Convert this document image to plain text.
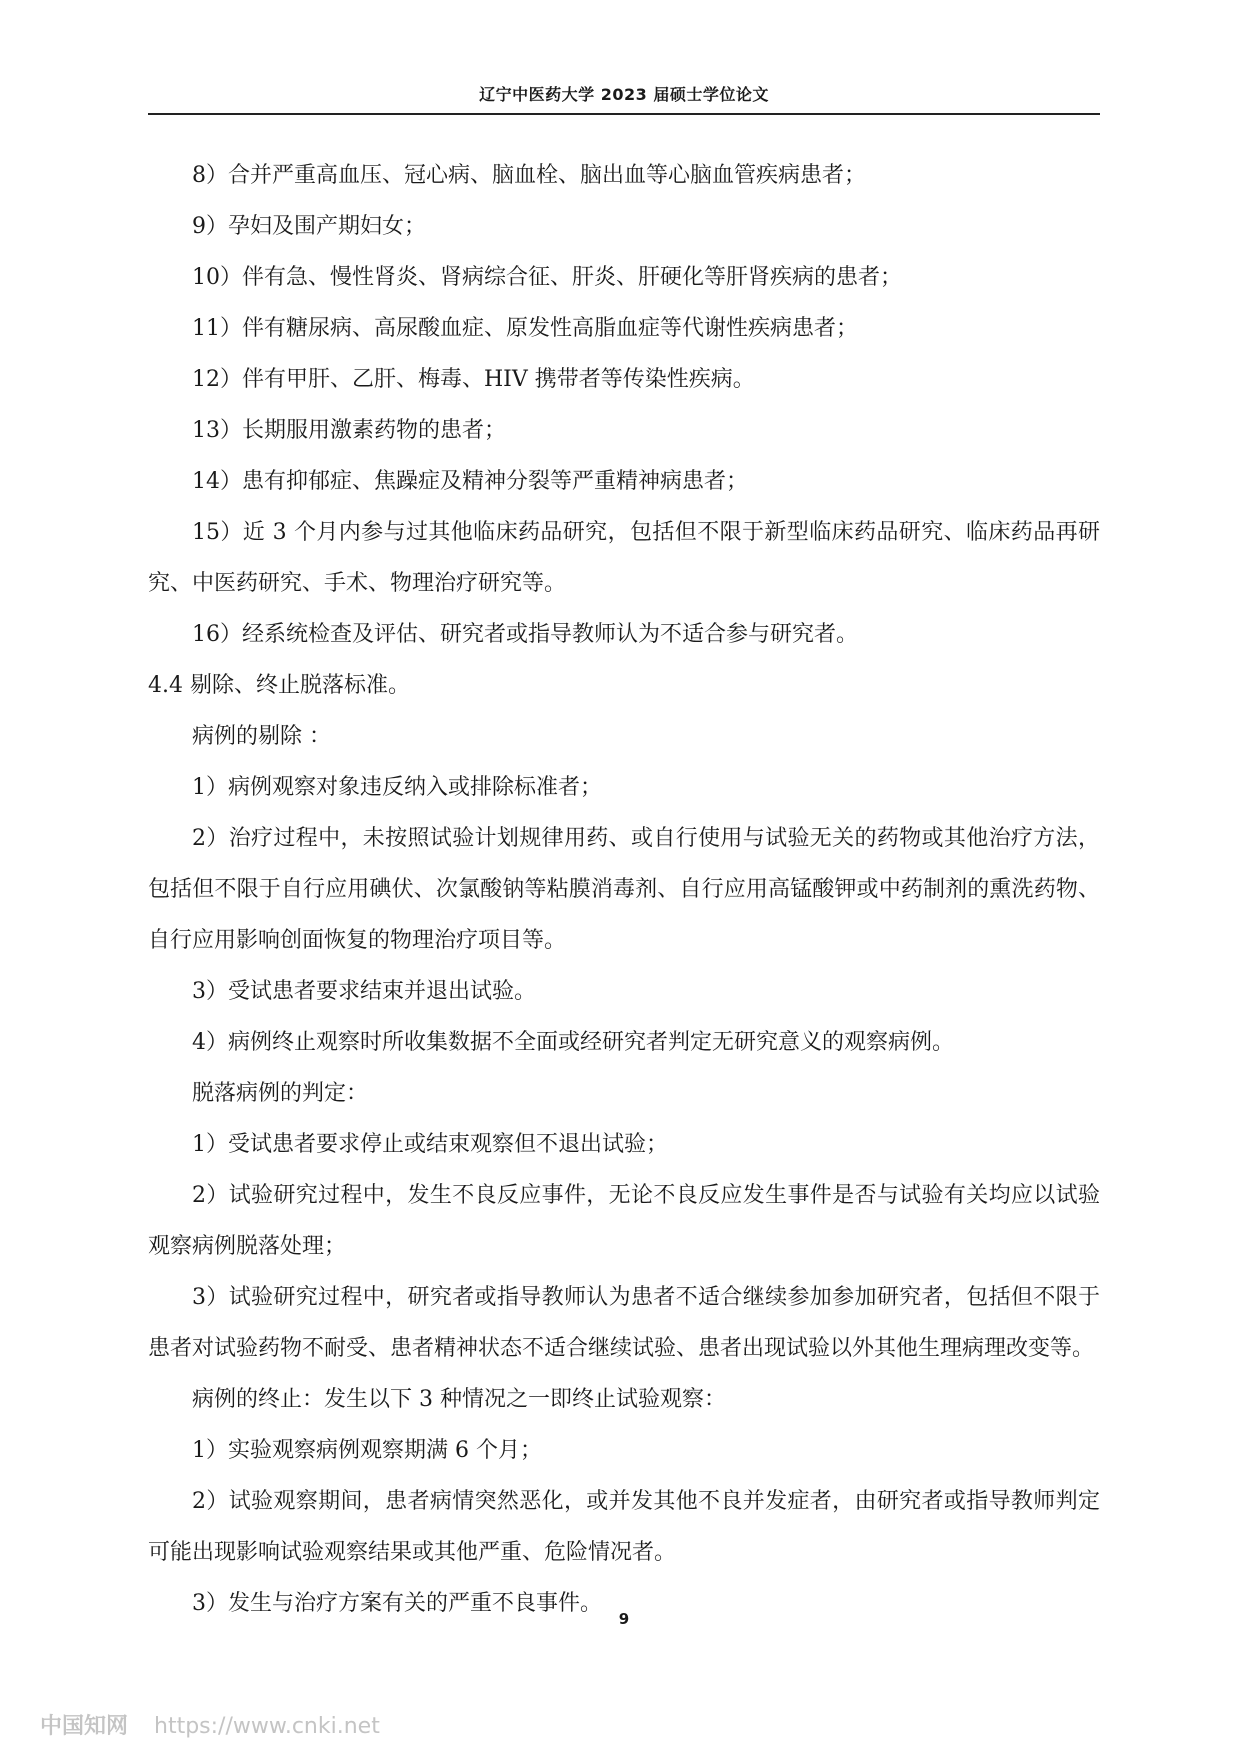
辽宁中医药大学 2023 届硕士学位论文

8）合并严重高血压、冠心病、脑血栓、脑出血等心脑血管疾病患者；

9）孕妇及围产期妇女；

10）伴有急、慢性肾炎、肾病综合征、肝炎、肝硬化等肝肾疾病的患者；

11）伴有糖尿病、高尿酸血症、原发性高脂血症等代谢性疾病患者；

12）伴有甲肝、乙肝、梅毒、HIV 携带者等传染性疾病。

13）长期服用激素药物的患者；

14）患有抑郁症、焦躁症及精神分裂等严重精神病患者；

15）近 3 个月内参与过其他临床药品研究，包括但不限于新型临床药品研究、临床药品再研究、中医药研究、手术、物理治疗研究等。

16）经系统检查及评估、研究者或指导教师认为不适合参与研究者。

4.4 剔除、终止脱落标准。

病例的剔除 ：

1）病例观察对象违反纳入或排除标准者；

2）治疗过程中，未按照试验计划规律用药、或自行使用与试验无关的药物或其他治疗方法，包括但不限于自行应用碘伏、次氯酸钠等粘膜消毒剂、自行应用高锰酸钾或中药制剂的熏洗药物、自行应用影响创面恢复的物理治疗项目等。

3）受试患者要求结束并退出试验。

4）病例终止观察时所收集数据不全面或经研究者判定无研究意义的观察病例。

脱落病例的判定：

1）受试患者要求停止或结束观察但不退出试验；

2）试验研究过程中，发生不良反应事件，无论不良反应发生事件是否与试验有关均应以试验观察病例脱落处理；

3）试验研究过程中，研究者或指导教师认为患者不适合继续参加参加研究者，包括但不限于患者对试验药物不耐受、患者精神状态不适合继续试验、患者出现试验以外其他生理病理改变等。

病例的终止：发生以下 3 种情况之一即终止试验观察：

1）实验观察病例观察期满 6 个月；

2）试验观察期间，患者病情突然恶化，或并发其他不良并发症者，由研究者或指导教师判定可能出现影响试验观察结果或其他严重、危险情况者。

3）发生与治疗方案有关的严重不良事件。

9
中国知网 https://www.cnki.net
